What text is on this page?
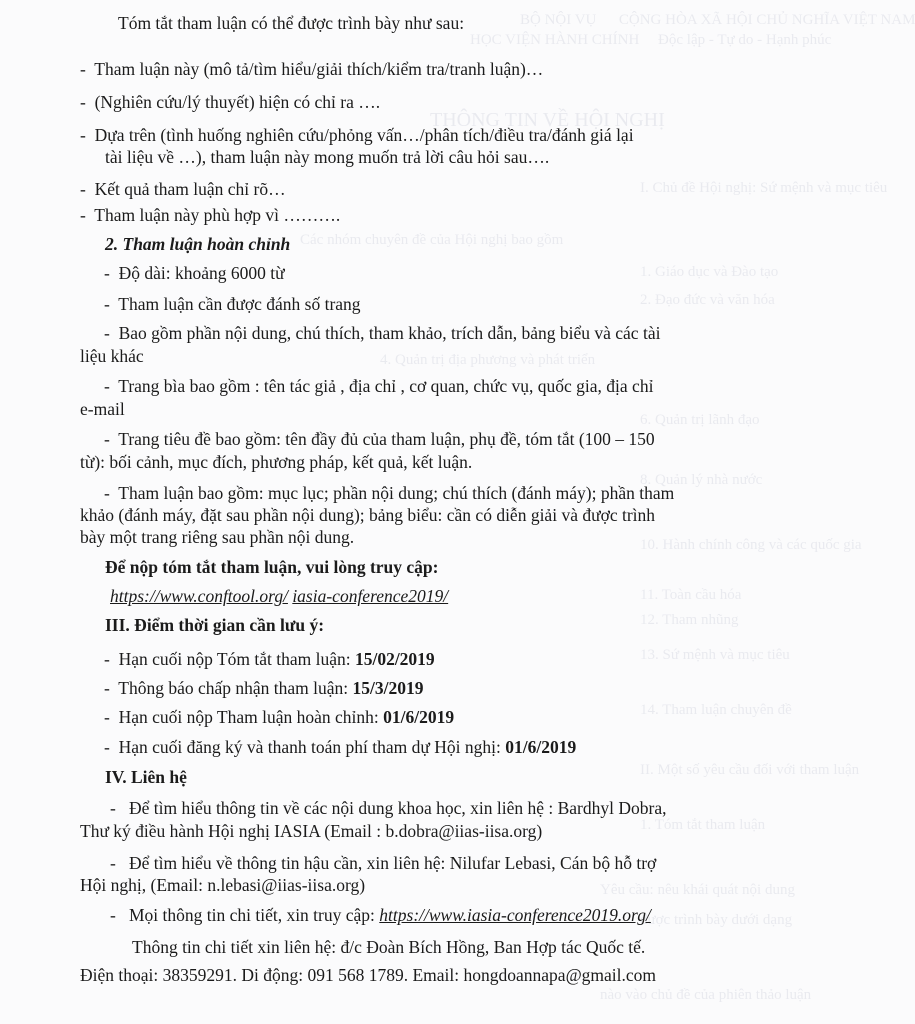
BỘ NỘI VỤ      CỘNG HÒA XÃ HỘI CHỦ NGHĨA VIỆT NAM
HỌC VIỆN HÀNH CHÍNH     Độc lập - Tự do - Hạnh phúc
THÔNG TIN VỀ HỘI NGHỊ
I. Chủ đề Hội nghị: Sứ mệnh và mục tiêu
Các nhóm chuyên đề của Hội nghị bao gồm
1. Giáo dục và Đào tạo
2. Đạo đức và văn hóa
4. Quản trị địa phương và phát triển
6. Quản trị lãnh đạo
8. Quản lý nhà nước
10. Hành chính công và các quốc gia
11. Toàn cầu hóa
12. Tham nhũng
13. Sứ mệnh và mục tiêu
14. Tham luận chuyên đề
II. Một số yêu cầu đối với tham luận
1. Tóm tắt tham luận
Yêu cầu: nêu khái quát nội dung
được trình bày dưới dạng
nào vào chủ đề của phiên thảo luận
Tóm tắt tham luận có thể được trình bày như sau:
- Tham luận này (mô tả/tìm hiểu/giải thích/kiểm tra/tranh luận)…
- (Nghiên cứu/lý thuyết) hiện có chỉ ra ….
- Dựa trên (tình huống nghiên cứu/phỏng vấn…/phân tích/điều tra/đánh giá lại
tài liệu về …), tham luận này mong muốn trả lời câu hỏi sau….
- Kết quả tham luận chỉ rõ…
- Tham luận này phù hợp vì ……….
2. Tham luận hoàn chỉnh
- Độ dài: khoảng 6000 từ
- Tham luận cần được đánh số trang
- Bao gồm phần nội dung, chú thích, tham khảo, trích dẫn, bảng biểu và các tài
liệu khác
- Trang bìa bao gồm : tên tác giả , địa chỉ , cơ quan, chức vụ, quốc gia, địa chỉ
e-mail
- Trang tiêu đề bao gồm: tên đầy đủ của tham luận, phụ đề, tóm tắt (100 – 150
từ): bối cảnh, mục đích, phương pháp, kết quả, kết luận.
- Tham luận bao gồm: mục lục; phần nội dung; chú thích (đánh máy); phần tham
khảo (đánh máy, đặt sau phần nội dung); bảng biểu: cần có diễn giải và được trình
bày một trang riêng sau phần nội dung.
Để nộp tóm tắt tham luận, vui lòng truy cập:
https://www.conftool.org/ iasia-conference2019/
III. Điểm thời gian cần lưu ý:
- Hạn cuối nộp Tóm tắt tham luận: 15/02/2019
- Thông báo chấp nhận tham luận: 15/3/2019
- Hạn cuối nộp Tham luận hoàn chỉnh: 01/6/2019
- Hạn cuối đăng ký và thanh toán phí tham dự Hội nghị: 01/6/2019
IV. Liên hệ
- Để tìm hiểu thông tin về các nội dung khoa học, xin liên hệ : Bardhyl Dobra,
Thư ký điều hành Hội nghị IASIA (Email : b.dobra@iias-iisa.org)
- Để tìm hiểu về thông tin hậu cần, xin liên hệ: Nilufar Lebasi, Cán bộ hỗ trợ
Hội nghị, (Email: n.lebasi@iias-iisa.org)
- Mọi thông tin chi tiết, xin truy cập: https://www.iasia-conference2019.org/
Thông tin chi tiết xin liên hệ: đ/c Đoàn Bích Hồng, Ban Hợp tác Quốc tế.
Điện thoại: 38359291. Di động: 091 568 1789. Email: hongdoannapa@gmail.com
